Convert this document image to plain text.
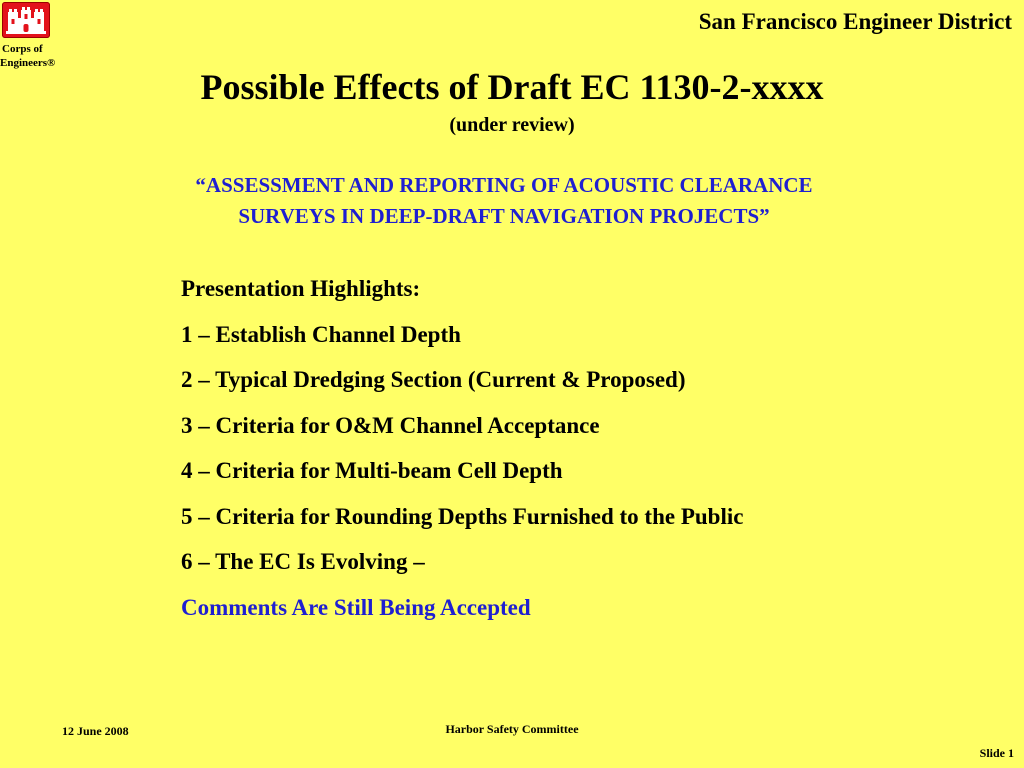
Corps of
Engineers®
San Francisco Engineer District
Possible Effects of Draft EC 1130-2-xxxx
(under review)
“ASSESSMENT AND REPORTING OF ACOUSTIC CLEARANCE
SURVEYS IN DEEP-DRAFT NAVIGATION PROJECTS”
Presentation Highlights:
1 – Establish Channel Depth
2 – Typical Dredging Section (Current & Proposed)
3 – Criteria for O&M Channel Acceptance
4 – Criteria for Multi-beam Cell Depth
5 – Criteria for Rounding Depths Furnished to the Public
6 – The EC Is Evolving –
Comments Are Still Being Accepted
12 June 2008	Harbor Safety Committee
Slide 1
